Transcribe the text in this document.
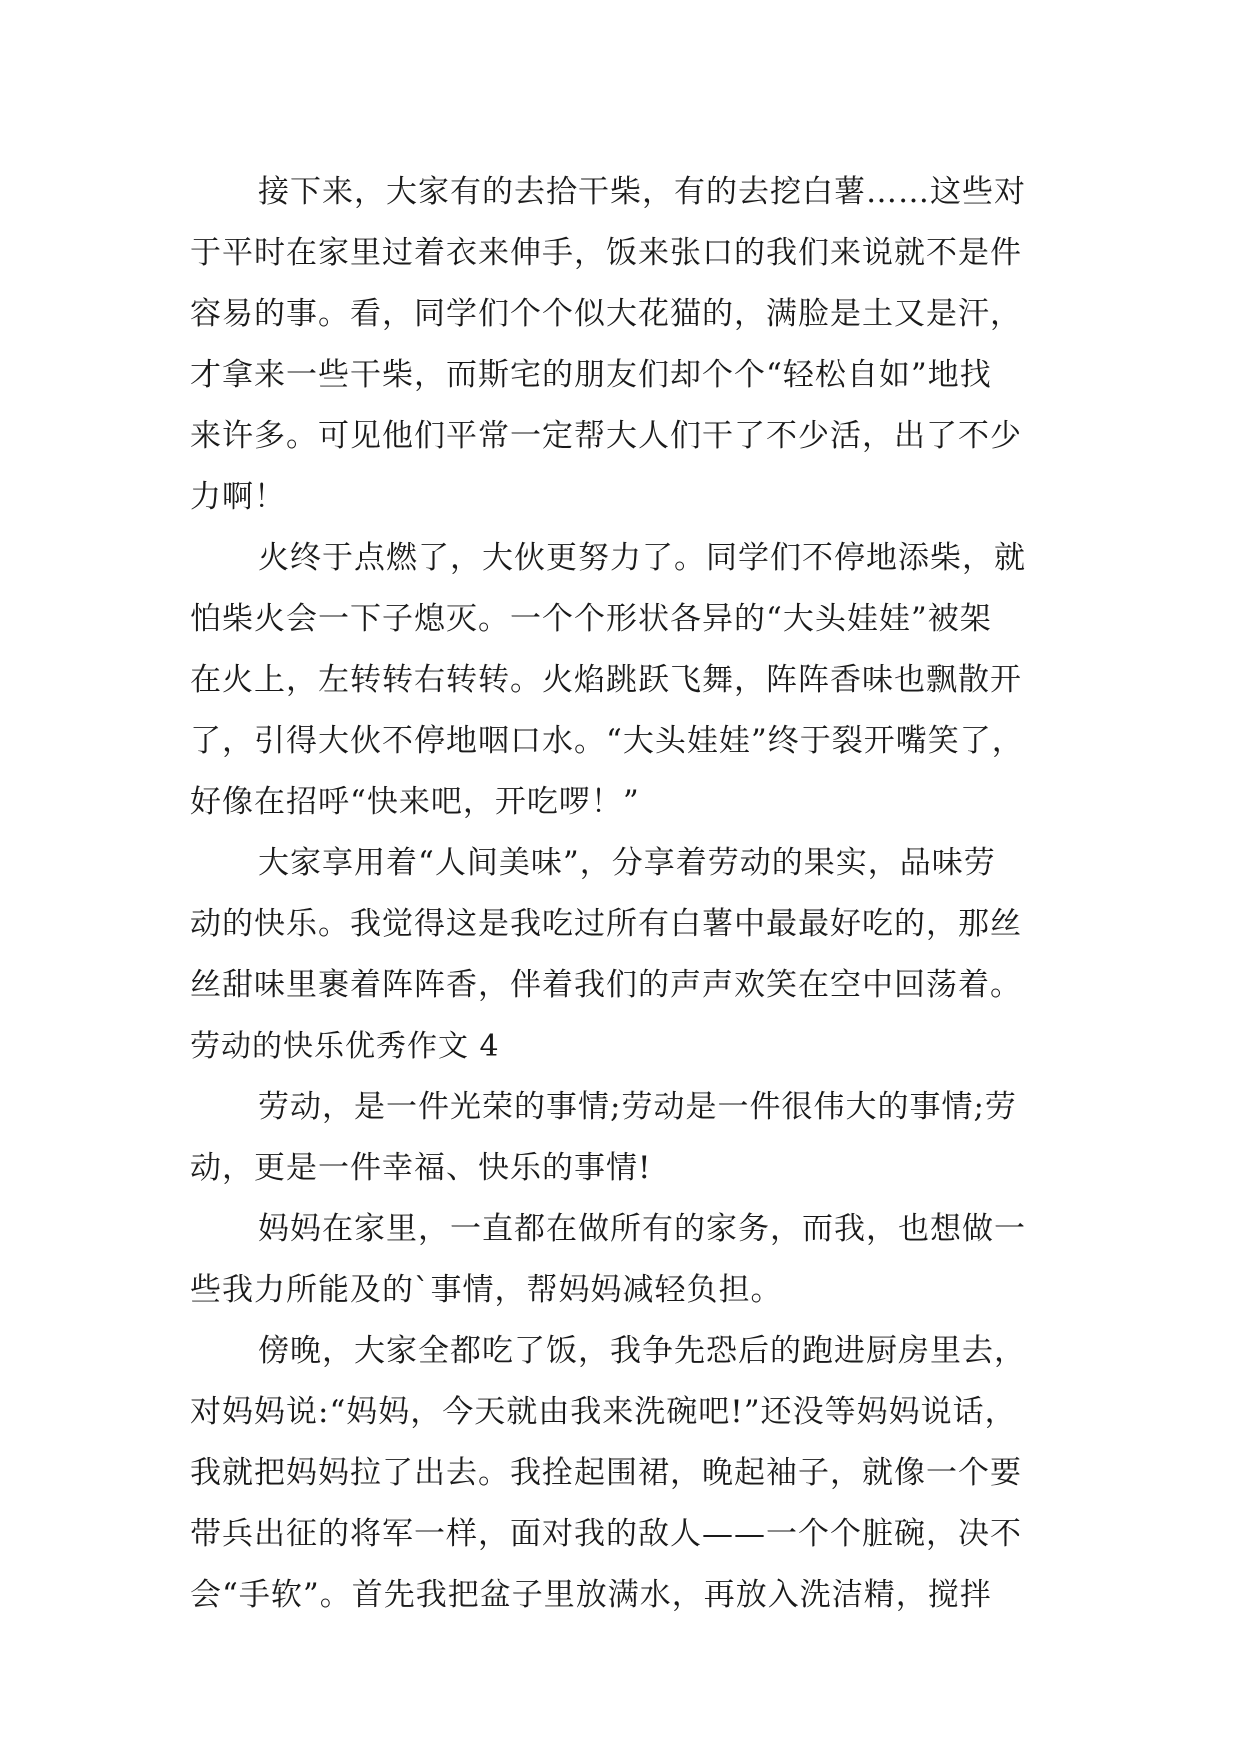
接下来，大家有的去拾干柴，有的去挖白薯……这些对
于平时在家里过着衣来伸手，饭来张口的我们来说就不是件
容易的事。看，同学们个个似大花猫的，满脸是土又是汗，
才拿来一些干柴，而斯宅的朋友们却个个“轻松自如”地找
来许多。可见他们平常一定帮大人们干了不少活，出了不少
力啊！
火终于点燃了，大伙更努力了。同学们不停地添柴，就
怕柴火会一下子熄灭。一个个形状各异的“大头娃娃”被架
在火上，左转转右转转。火焰跳跃飞舞，阵阵香味也飘散开
了，引得大伙不停地咽口水。“大头娃娃”终于裂开嘴笑了，
好像在招呼“快来吧，开吃啰！”
大家享用着“人间美味”，分享着劳动的果实，品味劳
动的快乐。我觉得这是我吃过所有白薯中最最好吃的，那丝
丝甜味里裹着阵阵香，伴着我们的声声欢笑在空中回荡着。
劳动的快乐优秀作文 4
劳动，是一件光荣的事情;劳动是一件很伟大的事情;劳
动，更是一件幸福、快乐的事情!
妈妈在家里，一直都在做所有的家务，而我，也想做一
些我力所能及的`事情，帮妈妈减轻负担。
傍晚，大家全都吃了饭，我争先恐后的跑进厨房里去，
对妈妈说:“妈妈，今天就由我来洗碗吧!”还没等妈妈说话，
我就把妈妈拉了出去。我拴起围裙，晚起袖子，就像一个要
带兵出征的将军一样，面对我的敌人——一个个脏碗，决不
会“手软”。首先我把盆子里放满水，再放入洗洁精，搅拌
